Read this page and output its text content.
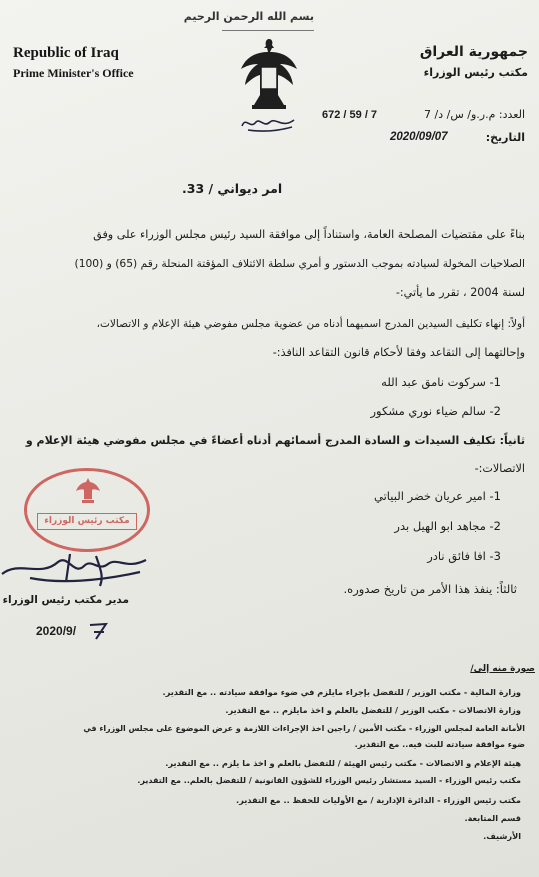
بسم الله الرحمن الرحيم
Republic of Iraq
Prime Minister's Office
جمهورية العراق
مكتب رئيس الوزراء
العدد: م.ر.و/ س/ د/ 7
672 / 59 / 7
التاريخ:
2020/09/07
امر ديواني / 33.
بناءً على مقتضيات المصلحة العامة، واستناداً إلى موافقة السيد رئيس مجلس الوزراء على وفق
الصلاحيات المخولة لسيادته بموجب الدستور و أمري سلطة الائتلاف المؤقتة المنحلة رقم (65) و (100)
لسنة 2004 ، تقرر ما يأتي:-
أولاً: إنهاء تكليف السيدين المدرج اسميهما أدناه من عضوية مجلس مفوضي هيئة الإعلام و الاتصالات،
وإحالتهما إلى التقاعد وفقا لأحكام قانون التقاعد النافذ:-
1- سركوت نامق عبد الله
2- سالم ضياء نوري مشكور
ثانياً: تكليف السيدات و السادة المدرج أسمائهم أدناه أعضاءً في مجلس مفوضي هيئة الإعلام و
الاتصالات:-
1- امير عريان خضر البياتي
2- مجاهد ابو الهيل بدر
3- افا فائق نادر
ثالثاً: ينفذ هذا الأمر من تاريخ صدوره.
مكتب رئيس الوزراء
مدير مكتب رئيس الوزراء
2020/9/
صورة منه إلى/
وزارة المالية - مكتب الوزير / للتفضل بإجراء مايلزم في ضوء موافقة سيادته .. مع التقدير.
وزارة الاتصالات - مكتب الوزير / للتفضل بالعلم و اخذ مايلزم .. مع التقدير.
الأمانة العامة لمجلس الوزراء - مكتب الأمين / راجين اخذ الإجراءات اللازمة و عرض الموضوع على مجلس الوزراء في
ضوء موافقة سيادته للبت فيه.. مع التقدير.
هيئة الإعلام و الاتصالات - مكتب رئيس الهيئة / للتفضل بالعلم و اخذ ما يلزم .. مع التقدير.
مكتب رئيس الوزراء - السيد مستشار رئيس الوزراء للشؤون القانونية / للتفضل بالعلم.. مع التقدير.
مكتب رئيس الوزراء - الدائرة الإدارية / مع الأوليات للحفظ .. مع التقدير.
قسم المتابعة.
الأرشيف.
